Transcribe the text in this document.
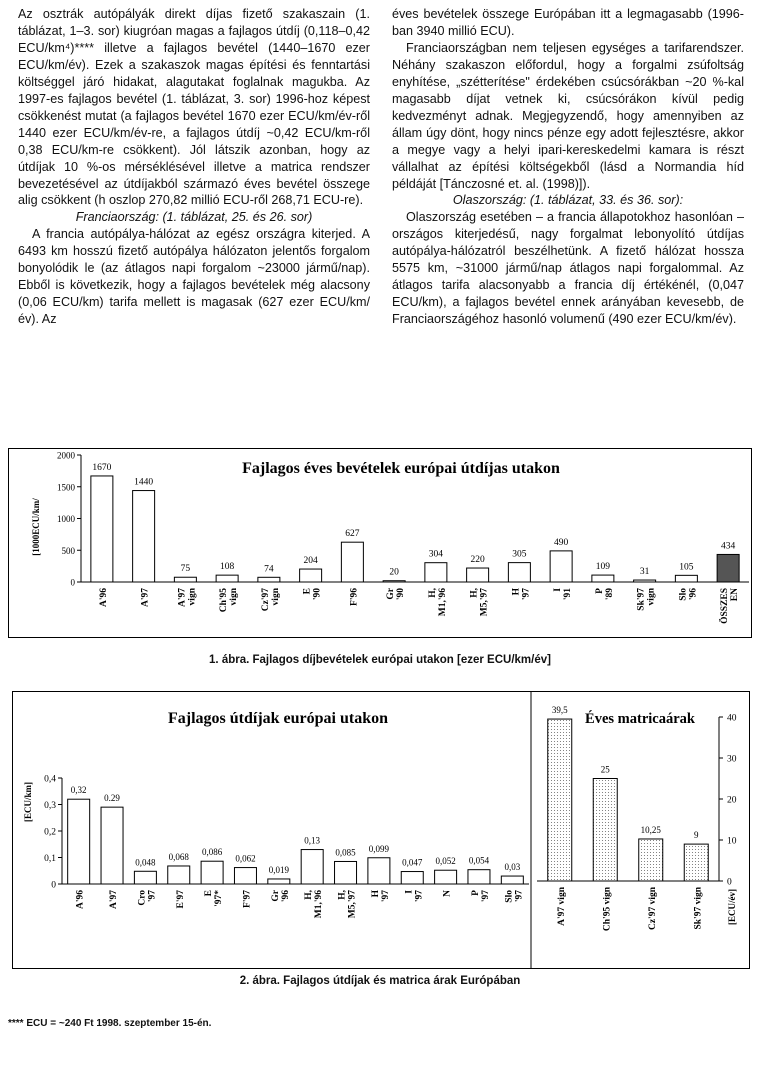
Az osztrák autópályák direkt díjas fizető szakaszain (1. táblázat, 1–3. sor) kiugróan magas a fajlagos útdíj (0,118–0,42 ECU/km⁴)**** illetve a fajlagos bevétel (1440–1670 ezer ECU/km/év). Ezek a szakaszok magas építési és fenntartási költséggel járó hidakat, alagutakat foglalnak magukba. Az 1997-es fajlagos bevétel (1. táblázat, 3. sor) 1996-hoz képest csökkenést mutat (a fajlagos bevétel 1670 ezer ECU/km/év-ről 1440 ezer ECU/km/év-re, a fajlagos útdíj ~0,42 ECU/km-ről 0,38 ECU/km-re csökkent). Jól látszik azonban, hogy az útdíjak 10 %-os mérséklésével illetve a matrica rendszer bevezetésével az útdíjakból származó éves bevétel összege alig csökkent (h oszlop 270,82 millió ECU-ről 268,71 ECU-re).

Franciaország: (1. táblázat, 25. és 26. sor)

A francia autópálya-hálózat az egész országra kiterjed. A 6493 km hosszú fizető autópálya hálózaton jelentős forgalom bonyolódik le (az átlagos napi forgalom ~23000 jármű/nap). Ebből is következik, hogy a fajlagos bevételek még alacsony (0,06 ECU/km) tarifa mellett is magasak (627 ezer ECU/km/év). Az

éves bevételek összege Európában itt a legmagasabb (1996-ban 3940 millió ECU).

Franciaországban nem teljesen egységes a tarifarendszer. Néhány szakaszon előfordul, hogy a forgalmi zsúfoltság enyhítése, „szétterítése" érdekében csúcsórákban ~20 %-kal magasabb díjat vetnek ki, csúcsórákon kívül pedig kedvezményt adnak. Megjegyzendő, hogy amennyiben az állam úgy dönt, hogy nincs pénze egy adott fejlesztésre, akkor a megye vagy a helyi ipari-kereskedelmi kamara is részt vállalhat az építési költségekből (lásd a Normandia híd példáját [Tánczosné et. al. (1998)]).

Olaszország: (1. táblázat, 33. és 36. sor):

Olaszország esetében – a francia állapotokhoz hasonlóan – országos kiterjedésű, nagy forgalmat lebonyolító útdíjas autópálya-hálózatról beszélhetünk. A fizető hálózat hossza 5575 km, ~31000 jármű/nap átlagos napi forgalommal. Az átlagos tarifa alacsonyabb a francia díj értékénél, (0,047 ECU/km), a fajlagos bevétel ennek arányában kevesebb, de Franciaországéhoz hasonló volumenű (490 ezer ECU/km/év).

Fajlagos éves bevételek európai útdíjas utakon
[1000ECU/km/
0
500
1000
1500
2000
1670
A'96
1440
A'97
75
A'97vign
108
Ch'95vign
74
Cz'97vign
204
E'90
627
F'96
20
Gr'90
304
H,M1,'96
220
H,M5,'97
305
H'97
490
I'91
109
P'89
31
Sk'97vign
105
Slo'96
434
ÖSSZESEN
1. ábra. Fajlagos díjbevételek európai utakon [ezer ECU/km/év]
Fajlagos útdíjak európai utakon
[ECU/km]
0
0,1
0,2
0,3
0,4
0,32
A'96
0.29
A'97
0,048
Cro'97
0,068
E'97
0,086
E'97*
0,062
F'97
0,019
Gr'96
0,13
H,M1,'96
0,085
H,M5,'97
0,099
H'97
0,047
I'97
0,052
N
0,054
P'97
0,03
Slo'97
Éves matricaárak
[ECU/év]
0
10
20
30
40
39,5
A'97 vign
25
Ch'95 vign
10,25
Cz'97 vign
9
Sk'97 vign
2. ábra. Fajlagos útdíjak és matrica árak Európában
**** ECU = ~240 Ft 1998. szeptember 15-én.
